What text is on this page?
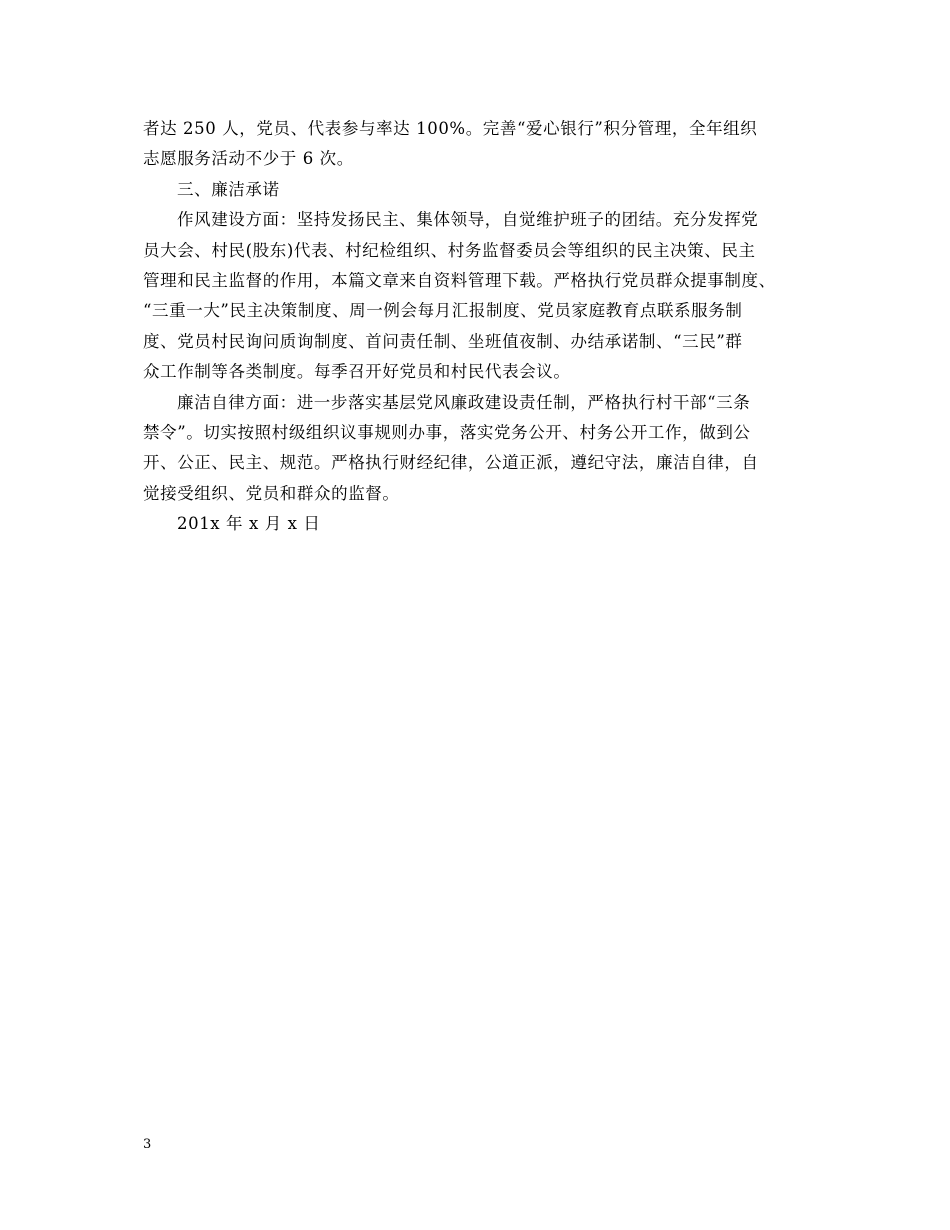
者达 250 人，党员、代表参与率达 100%。完善“爱心银行”积分管理，全年组织
志愿服务活动不少于 6 次。
三、廉洁承诺
作风建设方面：坚持发扬民主、集体领导，自觉维护班子的团结。充分发挥党
员大会、村民(股东)代表、村纪检组织、村务监督委员会等组织的民主决策、民主
管理和民主监督的作用，本篇文章来自资料管理下载。严格执行党员群众提事制度、
“三重一大”民主决策制度、周一例会每月汇报制度、党员家庭教育点联系服务制
度、党员村民询问质询制度、首问责任制、坐班值夜制、办结承诺制、“三民”群
众工作制等各类制度。每季召开好党员和村民代表会议。
廉洁自律方面：进一步落实基层党风廉政建设责任制，严格执行村干部“三条
禁令”。切实按照村级组织议事规则办事，落实党务公开、村务公开工作，做到公
开、公正、民主、规范。严格执行财经纪律，公道正派，遵纪守法，廉洁自律，自
觉接受组织、党员和群众的监督。
201x 年 x 月 x 日
3
